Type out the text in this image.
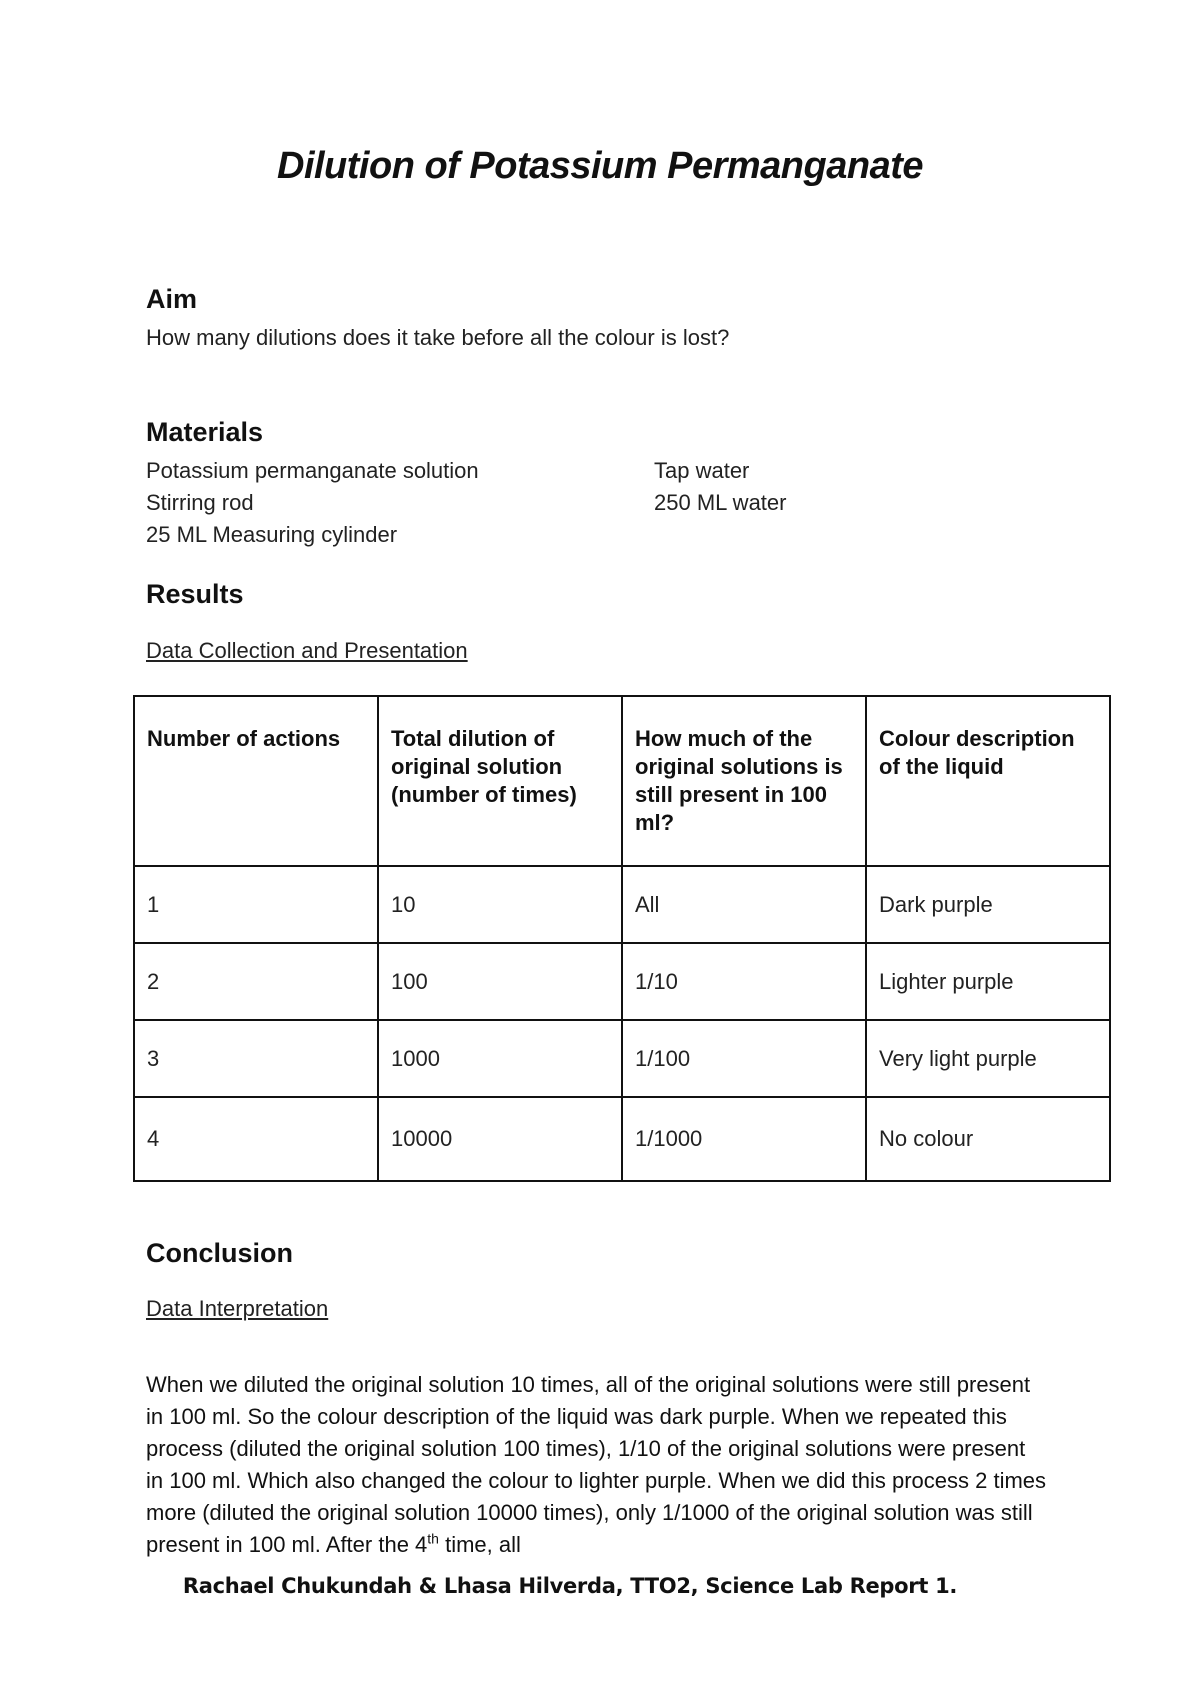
Dilution of Potassium Permanganate
Aim

How many dilutions does it take before all the colour is lost?

Materials

Potassium permanganate solution	Tap water

Stirring rod	250 ML water

25 ML Measuring cylinder

Results

Data Collection and Presentation

Number of actions	Total dilution of original solution (number of times)	How much of the original solutions is still present in 100 ml?	Colour description of the liquid
1	10	All	Dark purple
2	100	1/10	Lighter purple
3	1000	1/100	Very light purple
4	10000	1/1000	No colour
Conclusion

Data Interpretation

When we diluted the original solution 10 times, all of the original solutions were still present in 100 ml. So the colour description of the liquid was dark purple. When we repeated this process (diluted the original solution 100 times), 1/10 of the original solutions were present in 100 ml. Which also changed the colour to lighter purple. When we did this process 2 times more (diluted the original solution 10000 times), only 1/1000 of the original solution was still present in 100 ml. After the 4th time, all

Rachael Chukundah & Lhasa Hilverda, TTO2, Science Lab Report 1.
